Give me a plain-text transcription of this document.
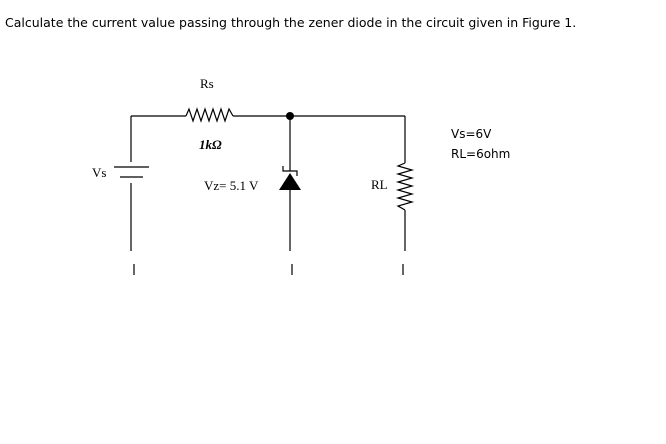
Calculate the current value passing through the zener diode in the circuit given in Figure 1.
Vs
Rs
1kΩ
Vz= 5.1 V	RL
Vs=6V
RL=6ohm
